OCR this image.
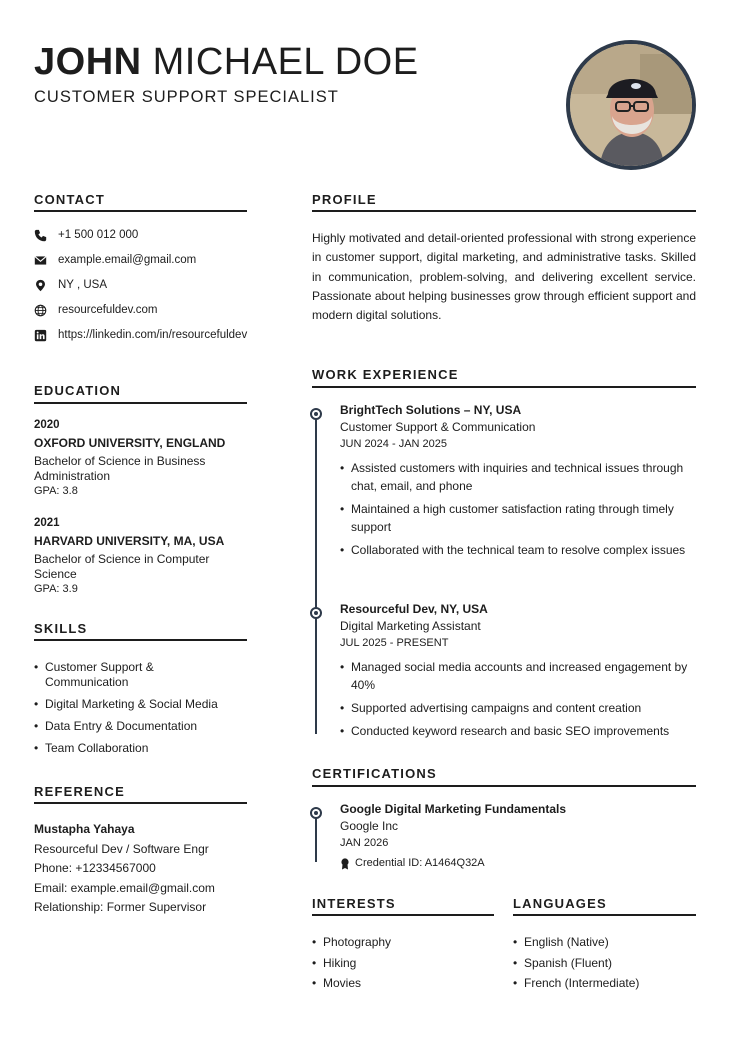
JOHN MICHAEL DOE
CUSTOMER SUPPORT SPECIALIST
CONTACT
+1 500 012 000
example.email@gmail.com
NY , USA
resourcefuldev.com
https://linkedin.com/in/resourcefuldev
EDUCATION
2020
OXFORD UNIVERSITY, ENGLAND
Bachelor of Science in Business Administration
GPA: 3.8
2021
HARVARD UNIVERSITY, MA, USA
Bachelor of Science in Computer Science
GPA: 3.9
SKILLS
• Customer Support & Communication
• Digital Marketing & Social Media
• Data Entry & Documentation
• Team Collaboration
REFERENCE
Mustapha Yahaya
Resourceful Dev / Software Engr
Phone: +12334567000
Email: example.email@gmail.com
Relationship: Former Supervisor
PROFILE
Highly motivated and detail-oriented professional with strong experience in customer support, digital marketing, and administrative tasks. Skilled in communication, problem-solving, and delivering excellent service. Passionate about helping businesses grow through efficient support and modern digital solutions.
WORK EXPERIENCE
BrightTech Solutions – NY, USA
Customer Support & Communication
JUN 2024 - JAN 2025
• Assisted customers with inquiries and technical issues through chat, email, and phone
• Maintained a high customer satisfaction rating through timely support
• Collaborated with the technical team to resolve complex issues
Resourceful Dev, NY, USA
Digital Marketing Assistant
JUL 2025 - PRESENT
• Managed social media accounts and increased engagement by 40%
• Supported advertising campaigns and content creation
• Conducted keyword research and basic SEO improvements
CERTIFICATIONS
Google Digital Marketing Fundamentals
Google Inc
JAN 2026
Credential ID: A1464Q32A
INTERESTS
• Photography
• Hiking
• Movies
LANGUAGES
• English (Native)
• Spanish (Fluent)
• French (Intermediate)
